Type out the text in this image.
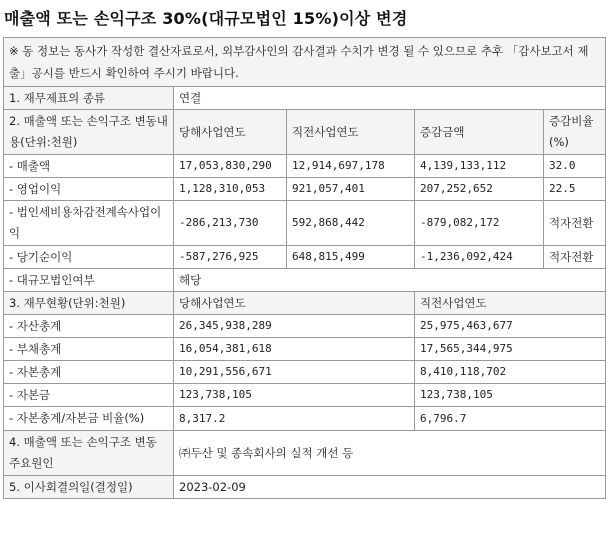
매출액 또는 손익구조 30%(대규모법인 15%)이상 변경
※ 동 정보는 동사가 작성한 결산자료로서, 외부감사인의 감사결과 수치가 변경 될 수 있으므로 추후 「감사보고서 제출」공시를 반드시 확인하여 주시기 바랍니다.				
1. 재무제표의 종류	연결			
2. 매출액 또는 손익구조 변동내용(단위:천원)	당해사업연도	직전사업연도	증감금액	증감비율 (%)
- 매출액	17,053,830,290	12,914,697,178	4,139,133,112	32.0
- 영업이익	1,128,310,053	921,057,401	207,252,652	22.5
- 법인세비용차감전계속사업이익	-286,213,730	592,868,442	-879,082,172	적자전환
- 당기순이익	-587,276,925	648,815,499	-1,236,092,424	적자전환
- 대규모법인여부	해당			
3. 재무현황(단위:천원)	당해사업연도		직전사업연도	
- 자산총계	26,345,938,289		25,975,463,677	
- 부채총계	16,054,381,618		17,565,344,975	
- 자본총계	10,291,556,671		8,410,118,702	
- 자본금	123,738,105		123,738,105	
- 자본총계/자본금 비율(%)	8,317.2		6,796.7	
4. 매출액 또는 손익구조 변동 주요원인	㈜두산 및 종속회사의 실적 개선 등			
5. 이사회결의일(결정일)	2023-02-09			
